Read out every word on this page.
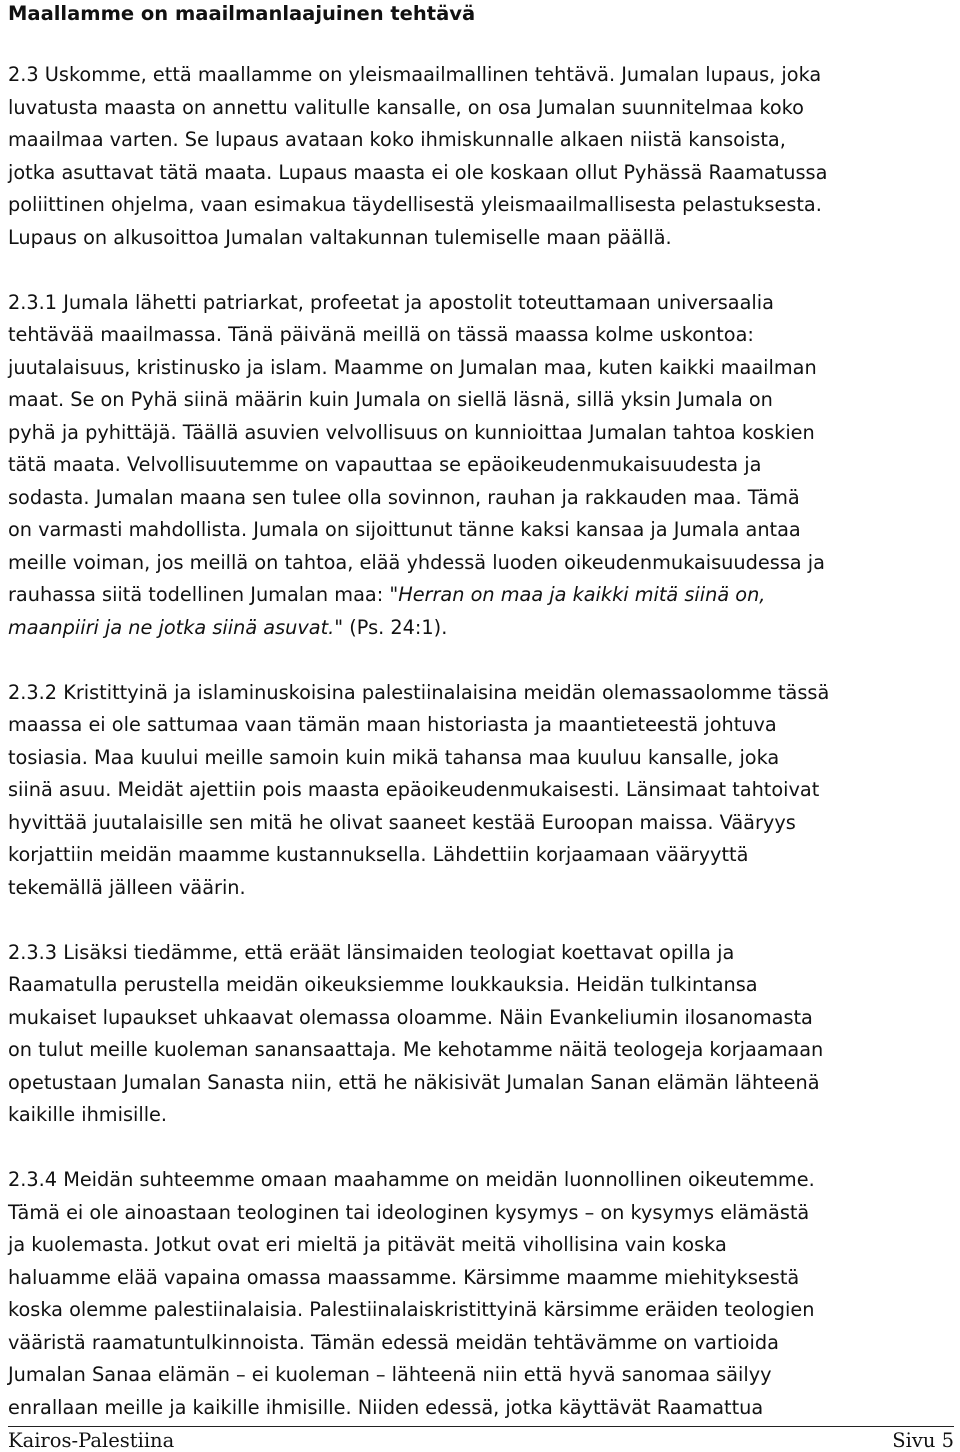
Maallamme on maailmanlaajuinen tehtävä
2.3 Uskomme, että maallamme on yleismaailmallinen tehtävä. Jumalan lupaus, joka
luvatusta maasta on annettu valitulle kansalle, on osa Jumalan suunnitelmaa koko
maailmaa varten. Se lupaus avataan koko ihmiskunnalle alkaen niistä kansoista,
jotka asuttavat tätä maata. Lupaus maasta ei ole koskaan ollut Pyhässä Raamatussa
poliittinen ohjelma, vaan esimakua täydellisestä yleismaailmallisesta pelastuksesta.
Lupaus on alkusoittoa Jumalan valtakunnan tulemiselle maan päällä.
2.3.1 Jumala lähetti patriarkat, profeetat ja apostolit toteuttamaan universaalia
tehtävää maailmassa. Tänä päivänä meillä on tässä maassa kolme uskontoa:
juutalaisuus, kristinusko ja islam. Maamme on Jumalan maa, kuten kaikki maailman
maat. Se on Pyhä siinä määrin kuin Jumala on siellä läsnä, sillä yksin Jumala on
pyhä ja pyhittäjä. Täällä asuvien velvollisuus on kunnioittaa Jumalan tahtoa koskien
tätä maata. Velvollisuutemme on vapauttaa se epäoikeudenmukaisuudesta ja
sodasta. Jumalan maana sen tulee olla sovinnon, rauhan ja rakkauden maa. Tämä
on varmasti mahdollista. Jumala on sijoittunut tänne kaksi kansaa ja Jumala antaa
meille voiman, jos meillä on tahtoa, elää yhdessä luoden oikeudenmukaisuudessa ja
rauhassa siitä todellinen Jumalan maa: "Herran on maa ja kaikki mitä siinä on,
maanpiiri ja ne jotka siinä asuvat." (Ps. 24:1).
2.3.2 Kristittyinä ja islaminuskoisina palestiinalaisina meidän olemassaolomme tässä
maassa ei ole sattumaa vaan tämän maan historiasta ja maantieteestä johtuva
tosiasia. Maa kuului meille samoin kuin mikä tahansa maa kuuluu kansalle, joka
siinä asuu. Meidät ajettiin pois maasta epäoikeudenmukaisesti. Länsimaat tahtoivat
hyvittää juutalaisille sen mitä he olivat saaneet kestää Euroopan maissa. Vääryys
korjattiin meidän maamme kustannuksella. Lähdettiin korjaamaan vääryyttä
tekemällä jälleen väärin.
2.3.3 Lisäksi tiedämme, että eräät länsimaiden teologiat koettavat opilla ja
Raamatulla perustella meidän oikeuksiemme loukkauksia. Heidän tulkintansa
mukaiset lupaukset uhkaavat olemassa oloamme. Näin Evankeliumin ilosanomasta
on tulut meille kuoleman sanansaattaja. Me kehotamme näitä teologeja korjaamaan
opetustaan Jumalan Sanasta niin, että he näkisivät Jumalan Sanan elämän lähteenä
kaikille ihmisille.
2.3.4 Meidän suhteemme omaan maahamme on meidän luonnollinen oikeutemme.
Tämä ei ole ainoastaan teologinen tai ideologinen kysymys – on kysymys elämästä
ja kuolemasta. Jotkut ovat eri mieltä ja pitävät meitä vihollisina vain koska
haluamme elää vapaina omassa maassamme. Kärsimme maamme miehityksestä
koska olemme palestiinalaisia. Palestiinalaiskristittyinä kärsimme eräiden teologien
vääristä raamatuntulkinnoista. Tämän edessä meidän tehtävämme on vartioida
Jumalan Sanaa elämän – ei kuoleman – lähteenä niin että hyvä sanomaa säilyy
enrallaan meille ja kaikille ihmisille. Niiden edessä, jotka käyttävät Raamattua
Kairos-Palestiina	Sivu 5
